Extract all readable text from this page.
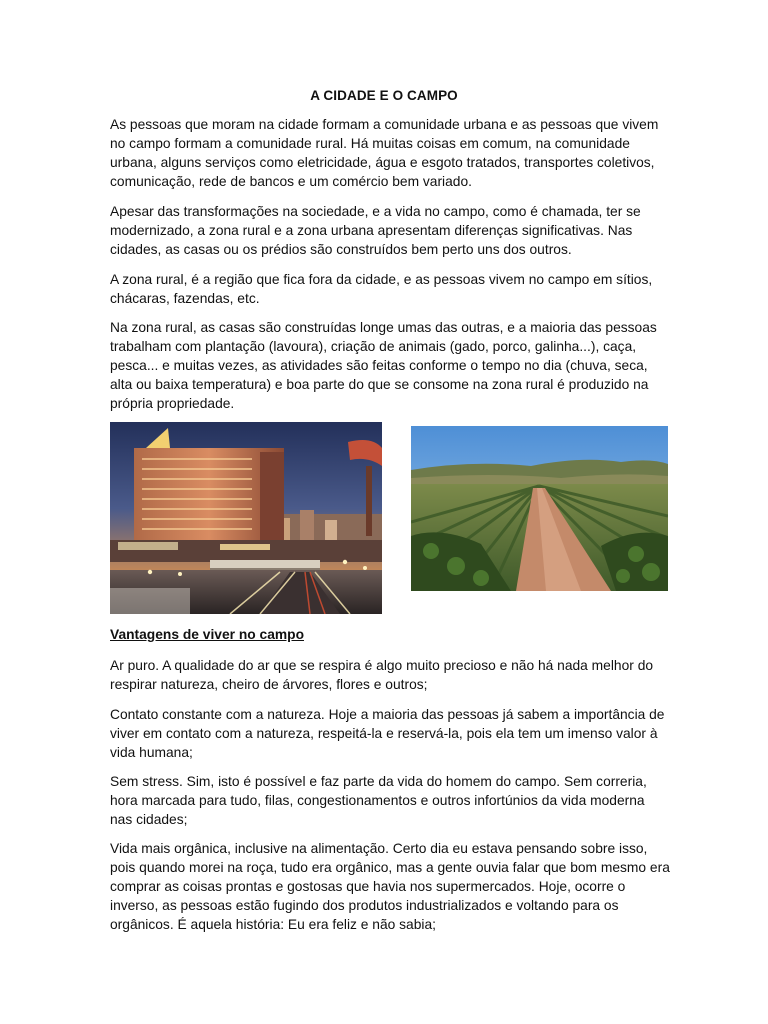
A CIDADE E O CAMPO

As pessoas que moram na cidade formam a comunidade urbana e as pessoas que vivem no campo formam a comunidade rural. Há muitas coisas em comum, na comunidade urbana, alguns serviços como eletricidade, água e esgoto tratados, transportes coletivos, comunicação, rede de bancos e um comércio bem variado.

Apesar das transformações na sociedade, e a vida no campo, como é chamada, ter se modernizado, a zona rural e a zona urbana apresentam diferenças significativas. Nas cidades, as casas ou os prédios são construídos bem perto uns dos outros.

A zona rural, é a região que fica fora da cidade, e as pessoas vivem no campo em sítios, chácaras, fazendas, etc.

Na zona rural, as casas são construídas longe umas das outras, e a maioria das pessoas trabalham com plantação (lavoura), criação de animais (gado, porco, galinha...), caça, pesca... e muitas vezes, as atividades são feitas conforme o tempo no dia (chuva, seca, alta ou baixa temperatura) e boa parte do que se consome na zona rural é produzido na própria propriedade.

Vantagens de viver no campo

Ar puro. A qualidade do ar que se respira é algo muito precioso e não há nada melhor do respirar natureza, cheiro de árvores, flores e outros;

Contato constante com a natureza. Hoje a maioria das pessoas já sabem a importância de viver em contato com a natureza, respeitá-la e reservá-la, pois ela tem um imenso valor à vida humana;

Sem stress. Sim, isto é possível e faz parte da vida do homem do campo. Sem correria, hora marcada para tudo, filas, congestionamentos e outros infortúnios da vida moderna nas cidades;

Vida mais orgânica, inclusive na alimentação. Certo dia eu estava pensando sobre isso, pois quando morei na roça, tudo era orgânico, mas a gente ouvia falar que bom mesmo era comprar as coisas prontas e gostosas que havia nos supermercados. Hoje, ocorre o inverso, as pessoas estão fugindo dos produtos industrializados e voltando para os orgânicos. É aquela história: Eu era feliz e não sabia;
